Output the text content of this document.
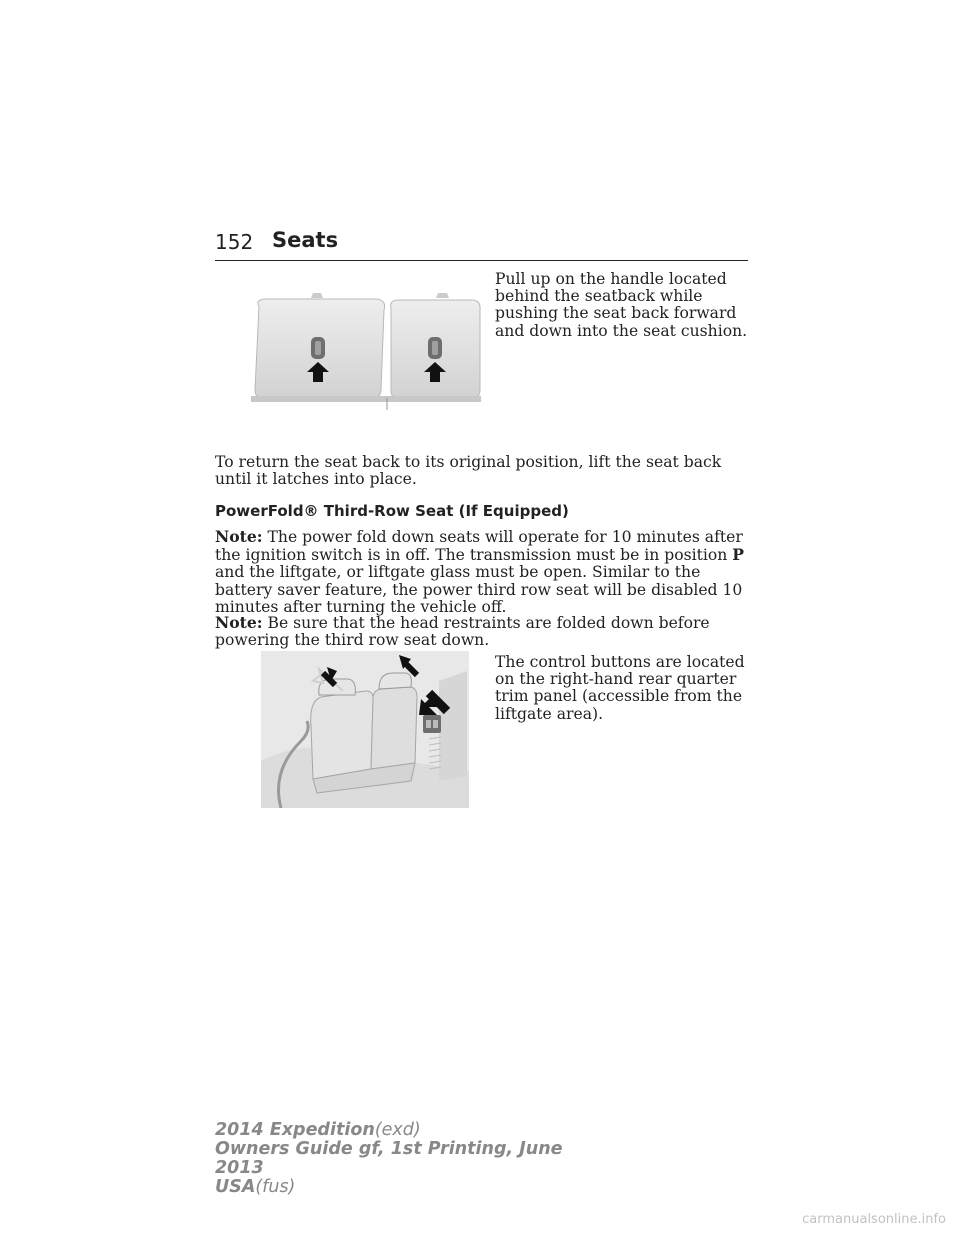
152 Seats
Pull up on the handle located behind the seatback while pushing the seat back forward and down into the seat cushion.
To return the seat back to its original position, lift the seat back until it latches into place.
PowerFold® Third-Row Seat (If Equipped)
Note: The power fold down seats will operate for 10 minutes after the ignition switch is in off. The transmission must be in position P and the liftgate, or liftgate glass must be open. Similar to the battery saver feature, the power third row seat will be disabled 10 minutes after turning the vehicle off.
Note: Be sure that the head restraints are folded down before powering the third row seat down.
The control buttons are located on the right-hand rear quarter trim panel (accessible from the liftgate area).
2014 Expedition(exd)
Owners Guide gf, 1st Printing, June 2013
USA(fus)
carmanualsonline.info
